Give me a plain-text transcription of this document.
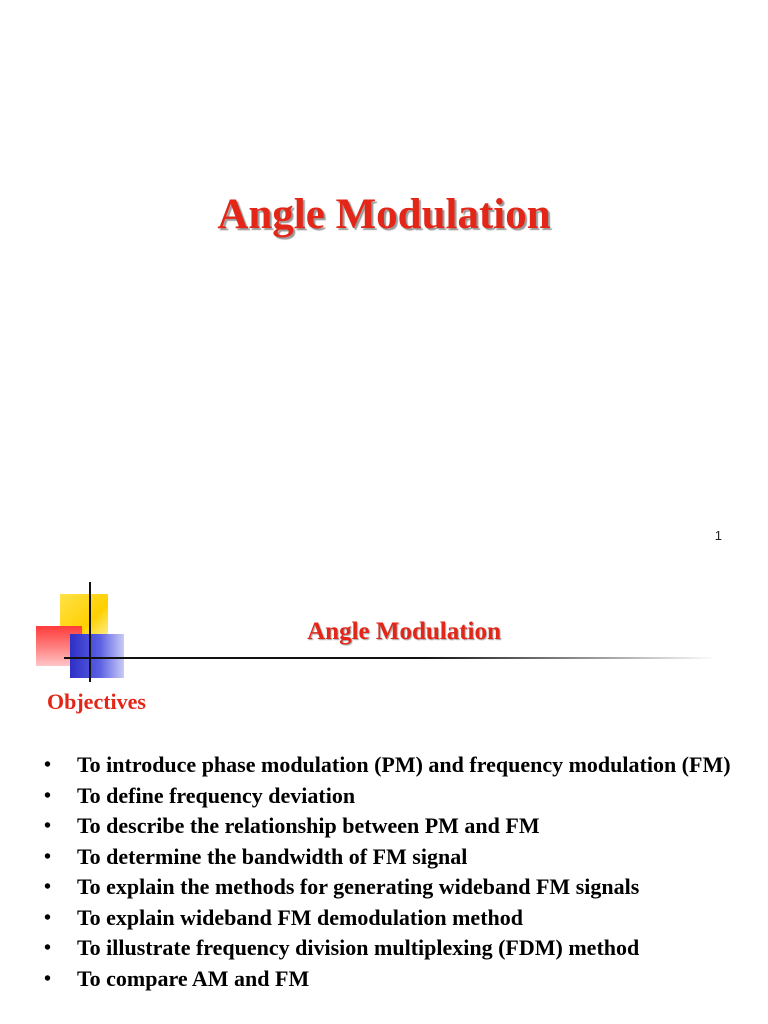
Angle Modulation
1
Angle Modulation
Objectives
• To introduce phase modulation (PM) and frequency modulation (FM)
• To define frequency deviation
• To describe the relationship between PM and FM
• To determine the bandwidth of FM signal
• To explain the methods for generating wideband FM signals
• To explain wideband FM demodulation method
• To illustrate frequency division multiplexing (FDM) method
• To compare AM and FM
